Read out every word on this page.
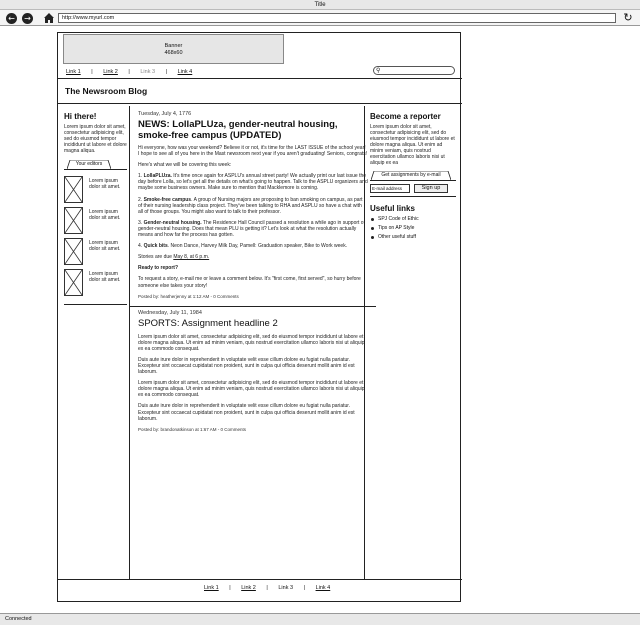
Title
← →	http://www.myurl.com	↻
Banner
468x60
Link 1 | Link 2 | Link 3 | Link 4	⚲
The Newsroom Blog
Hi there!
Lorem ipsum dolor sit amet, consectetur adipisicing elit, sed do eiusmod tempor incididunt ut labore et dolore magna aliqua.
Your editors
Lorem ipsum dolor sit amet.
Lorem ipsum dolor sit amet.
Lorem ipsum dolor sit amet.
Lorem ipsum dolor sit amet.
Tuesday, July 4, 1776
NEWS: LollaPLUza, gender-neutral housing, smoke-free campus (UPDATED)
Hi everyone, how was your weekend? Believe it or not, it's time for the LAST ISSUE of the school year! I hope to see all of you here in the Mast newsroom next year if you aren't graduating! Seniors, congrats!
Here's what we will be covering this week:
1. LollaPLUza. It's time once again for ASPLU's annual street party! We actually print our last issue the day before Lolla, so let's get all the details on what's going to happen. Talk to the ASPLU organizers and maybe some business owners. Make sure to mention that Macklemore is coming.
2. Smoke-free campus. A group of Nursing majors are proposing to ban smoking on campus, as part of their nursing leadership class project. They've been talking to RHA and ASPLU so have a chat with all of those groups. You might also want to talk to their professor.
3. Gender-neutral housing. The Residence Hall Council passed a resolution a while ago in support of gender-neutral housing. Does that mean PLU is getting it? Let's look at what the resolution actually means and how far the process has gotten.
4. Quick bits. Neon Dance, Harvey Milk Day, Pamell: Graduation speaker, Bike to Work week.
Stories are due May 8, at 6 p.m.
Ready to report?
To request a story, e-mail me or leave a comment below. It's "first come, first served", so hurry before someone else takes your story!
Posted by: heatherjenny at 1:12 AM - 0 Comments
Wednesday, July 11, 1984
SPORTS: Assignment headline 2
Lorem ipsum dolor sit amet, consectetur adipisicing elit, sed do eiusmod tempor incididunt ut labore et dolore magna aliqua. Ut enim ad minim veniam, quis nostrud exercitation ullamco laboris nisi ut aliquip ex ea commodo consequat.
Duis aute irure dolor in reprehenderit in voluptate velit esse cillum dolore eu fugiat nulla pariatur. Excepteur sint occaecat cupidatat non proident, sunt in culpa qui officia deserunt mollit anim id est laborum.
Lorem ipsum dolor sit amet, consectetur adipisicing elit, sed do eiusmod tempor incididunt ut labore et dolore magna aliqua. Ut enim ad minim veniam, quis nostrud exercitation ullamco laboris nisi ut aliquip ex ea commodo consequat.
Duis aute irure dolor in reprehenderit in voluptate velit esse cillum dolore eu fugiat nulla pariatur. Excepteur sint occaecat cupidatat non proident, sunt in culpa qui officia deserunt mollit anim id est laborum.
Posted by: brandonatkinson at 1:67 AM - 0 Comments
Become a reporter
Lorem ipsum dolor sit amet, consectetur adipisicing elit, sed do eiusmod tempor incididunt ut labore et dolore magna aliqua. Ut enim ad minim veniam, quis nostrud exercitation ullamco laboris nisi ut aliquip ex ea
Get assignments by e-mail
E-mail address	Sign up
Useful links
SPJ Code of Ethic
Tips on AP Style
Other useful stuff
Link 1 | Link 2 | Link 3 | Link 4
Connected
